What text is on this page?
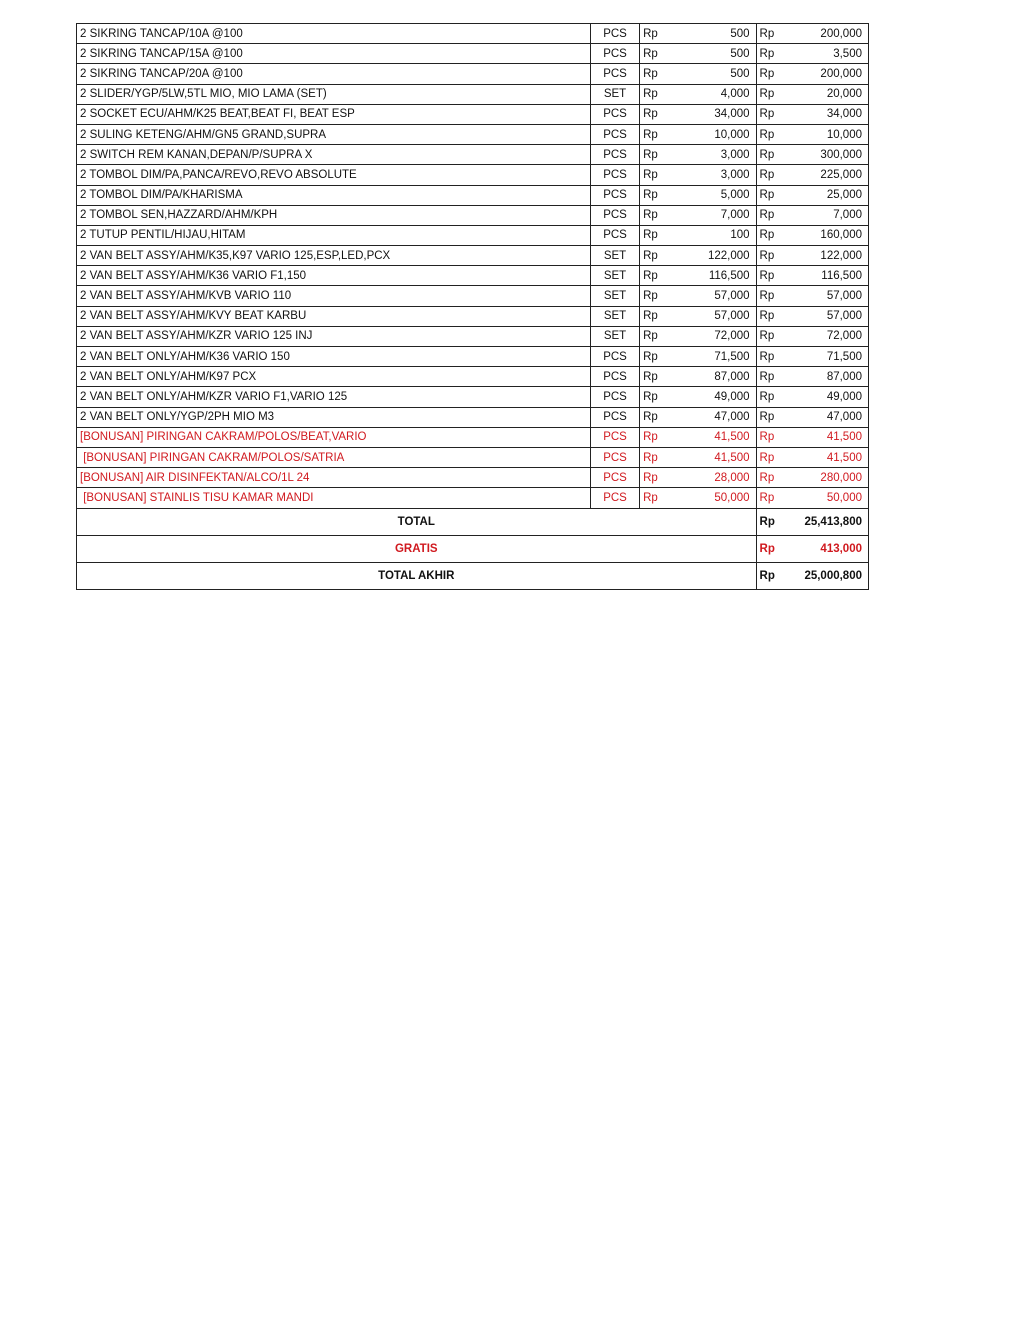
2 SIKRING TANCAP/10A @100	PCS	Rp	500	Rp	200,000
2 SIKRING TANCAP/15A @100	PCS	Rp	500	Rp	3,500
2 SIKRING TANCAP/20A @100	PCS	Rp	500	Rp	200,000
2 SLIDER/YGP/5LW,5TL MIO, MIO LAMA (SET)	SET	Rp	4,000	Rp	20,000
2 SOCKET ECU/AHM/K25 BEAT,BEAT FI, BEAT ESP	PCS	Rp	34,000	Rp	34,000
2 SULING KETENG/AHM/GN5 GRAND,SUPRA	PCS	Rp	10,000	Rp	10,000
2 SWITCH REM KANAN,DEPAN/P/SUPRA X	PCS	Rp	3,000	Rp	300,000
2 TOMBOL DIM/PA,PANCA/REVO,REVO ABSOLUTE	PCS	Rp	3,000	Rp	225,000
2 TOMBOL DIM/PA/KHARISMA	PCS	Rp	5,000	Rp	25,000
2 TOMBOL SEN,HAZZARD/AHM/KPH	PCS	Rp	7,000	Rp	7,000
2 TUTUP PENTIL/HIJAU,HITAM	PCS	Rp	100	Rp	160,000
2 VAN BELT ASSY/AHM/K35,K97 VARIO 125,ESP,LED,PCX	SET	Rp	122,000	Rp	122,000
2 VAN BELT ASSY/AHM/K36 VARIO F1,150	SET	Rp	116,500	Rp	116,500
2 VAN BELT ASSY/AHM/KVB VARIO 110	SET	Rp	57,000	Rp	57,000
2 VAN BELT ASSY/AHM/KVY BEAT KARBU	SET	Rp	57,000	Rp	57,000
2 VAN BELT ASSY/AHM/KZR VARIO 125 INJ	SET	Rp	72,000	Rp	72,000
2 VAN BELT ONLY/AHM/K36 VARIO 150	PCS	Rp	71,500	Rp	71,500
2 VAN BELT ONLY/AHM/K97 PCX	PCS	Rp	87,000	Rp	87,000
2 VAN BELT ONLY/AHM/KZR VARIO F1,VARIO 125	PCS	Rp	49,000	Rp	49,000
2 VAN BELT ONLY/YGP/2PH MIO M3	PCS	Rp	47,000	Rp	47,000
[BONUSAN] PIRINGAN CAKRAM/POLOS/BEAT,VARIO	PCS	Rp	41,500	Rp	41,500
[BONUSAN] PIRINGAN CAKRAM/POLOS/SATRIA	PCS	Rp	41,500	Rp	41,500
[BONUSAN] AIR DISINFEKTAN/ALCO/1L 24	PCS	Rp	28,000	Rp	280,000
[BONUSAN] STAINLIS TISU KAMAR MANDI	PCS	Rp	50,000	Rp	50,000
TOTAL				Rp	25,413,800
GRATIS				Rp	413,000
TOTAL AKHIR				Rp	25,000,800
